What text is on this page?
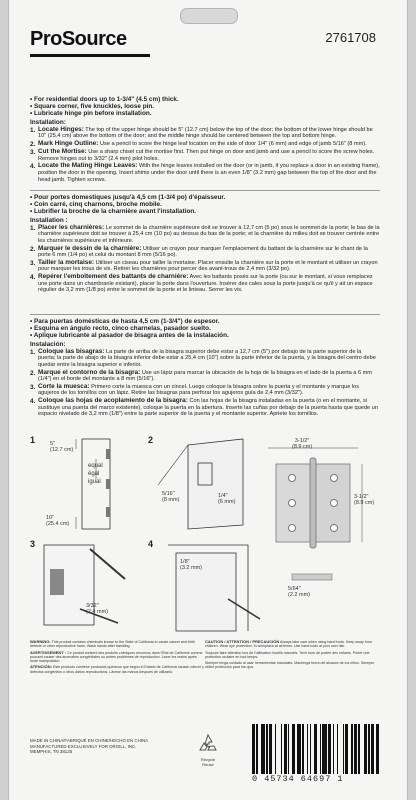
ProSource	2761708

• For residential doors up to 1-3/4" (4.5 cm) thick.

• Square corner, five knuckles, loose pin.

• Lubricate hinge pin before installation.

Installation:

1. Locate Hinges: The top of the upper hinge should be 5" (12.7 cm) below the top of the door; the bottom of the lower hinge should be 10" (25.4 cm) above the bottom of the door; and the middle hinge should be centered between the top and bottom hinge.
2. Mark Hinge Outline: Use a pencil to score the hinge leaf location on the side of door 1/4" (6 mm) and edge of jamb 5/16" (8 mm).
3. Cut the Mortise: Use a sharp chisel cut the mortise first. Then put hinge on door and jamb and use a pencil to score the screw holes. Remove hinges out to 3/32" (2.4 mm) pilot holes.
4. Locate the Mating Hinge Leaves: With the hinge leaves installed on the door (or in jamb, if you replace a door in an existing frame), position the door in the opening. Insert shims under the door until there is an even 1/8" (3.2 mm) gap between the top of the door and the head jamb. Tighten screws.

• Pour portes domestiques jusqu'à 4,5 cm (1-3/4 po) d'épaisseur.

• Coin carré, cinq charnons, broche mobile.

• Lubrifier la broche de la charnière avant l'installation.

Installation :

1. Placer les charnières: Le sommet de la charnière supérieure doit se trouver à 12,7 cm (5 po) sous le sommet de la porte; le bas de la charnière supérieure doit se trouver à 25,4 cm (10 po) au dessus du bas de la porte; et la charnière du milieu doit se trouver centrée entre les charnières supérieure et inférieure.
2. Marquer le dessin de la charnière: Utiliser un crayon pour marquer l'emplacement du battant de la charnière sur le chant de la porte 6 mm (1/4 po) et celui du montant 8 mm (5/16 po).
3. Tailler la mortaise: Utiliser un ciseau pour tailler la mortaise. Placer ensuite la charnière sur la porte et le montant et utiliser un crayon pour marquer les trous de vis. Retirer les charnières pour percer des avant-trous de 2,4 mm (3/32 po).
4. Repérer l'emboîtement des battants de charnière: Avec les battants posés sur la porte (ou sur le montant, si vous remplacez une porte dans un chambranle existant), placer la porte dans l'ouverture. Insérer des cales sous la porte jusqu'à ce qu'il y ait un espace régulier de 3,2 mm (1/8 po) entre le sommet de la porte et le linteau. Serrer les vis.

• Para puertas domésticas de hasta 4,5 cm (1-3/4") de espesor.

• Esquina en ángulo recto, cinco charnelas, pasador suelto.

• Aplique lubricante al pasador de bisagra antes de la instalación.

Instalación:

1. Coloque las bisagras: La parte de arriba de la bisagra superior debe estar a 12,7 cm (5") por debajo de la parte superior de la puerta; la parte de abajo de la bisagra inferior debe estar a 25,4 cm (10") sobre la parte inferior de la puerta, y la bisagra del centro debe quedar entre la bisagra superior e inferior.
2. Marque el contorno de la bisagra: Use un lápiz para marcar la ubicación de la hoja de la bisagra en el lado de la puerta a 6 mm (1/4") en el borde del montante a 8 mm (5/16").
3. Corte la muesca: Primero corte la muesca con un cincel. Luego coloque la bisagra sobre la puerta y el montante y marque los agujeros de los tornillos con un lápiz. Retire las bisagras para perforar los agujeros guía de 2,4 mm (3/32").
4. Coloque las hojas de acoplamiento de la bisagra: Con las hojas de la bisagra instaladas en la puerta (o en el montante, si sustituye una puerta del marco existente), coloque la puerta en la abertura. Inserte las cuñas por debajo de la puerta hasta que quede un espacio nivelado de 3,2 mm (1/8") entre la parte superior de la puerta y el montante superior. Apriete los tornillos.
1	5"
(12.7 cm)
equal
égal
igual
10"
(25.4 cm)
2
5/16"
(8 mm)
1/4"
(6 mm)
3
3/32"
(2.4 mm)
4
1/8"
(3.2 mm)
3-1/2"
(8.9 cm)
3-1/2"
(8.9 cm)
5/64"
(2.2 mm)

WARNING: This product contains chemicals known to the State of California to cause cancer and birth defects or other reproductive harm. Wash hands after handling.

AVERTISSEMENT : Ce produit contient des produits chimiques reconnus dans l'État de Californie comme pouvant causer des anomalies congénitales ou autres problèmes de reproduction. Laver les mains après toute manipulation.

ATENCIÓN: Este producto contiene productos químicos que según el Estado de California causan cáncer y defectos congénitos u otros daños reproductivos. Lávese las manos después de utilizarlo.

CAUTION / ATTENTION / PRECAUCIÓN Always take care when using hand tools. Keep away from children. Wear eye protection. In workplace at all times. Use hand tools at your own risk.

Toujours faire attention lors de l'utilisation d'outils manuels. Tenir hors de portée des enfants. Porter une protection oculaire en tout temps.

Siempre tenga cuidado al usar herramientas manuales. Mantenga fuera del alcance de los niños. Siempre utilice protección para los ojos.

MADE IN CHINA/FABRIQUÉ EN CHINE/HECHO EN CHINA
MANUFACTURED EXCLUSIVELY FOR ORGILL, INC.
MEMPHIS, TN 38135
Recycle
Reuse
0 45734 64697 1
